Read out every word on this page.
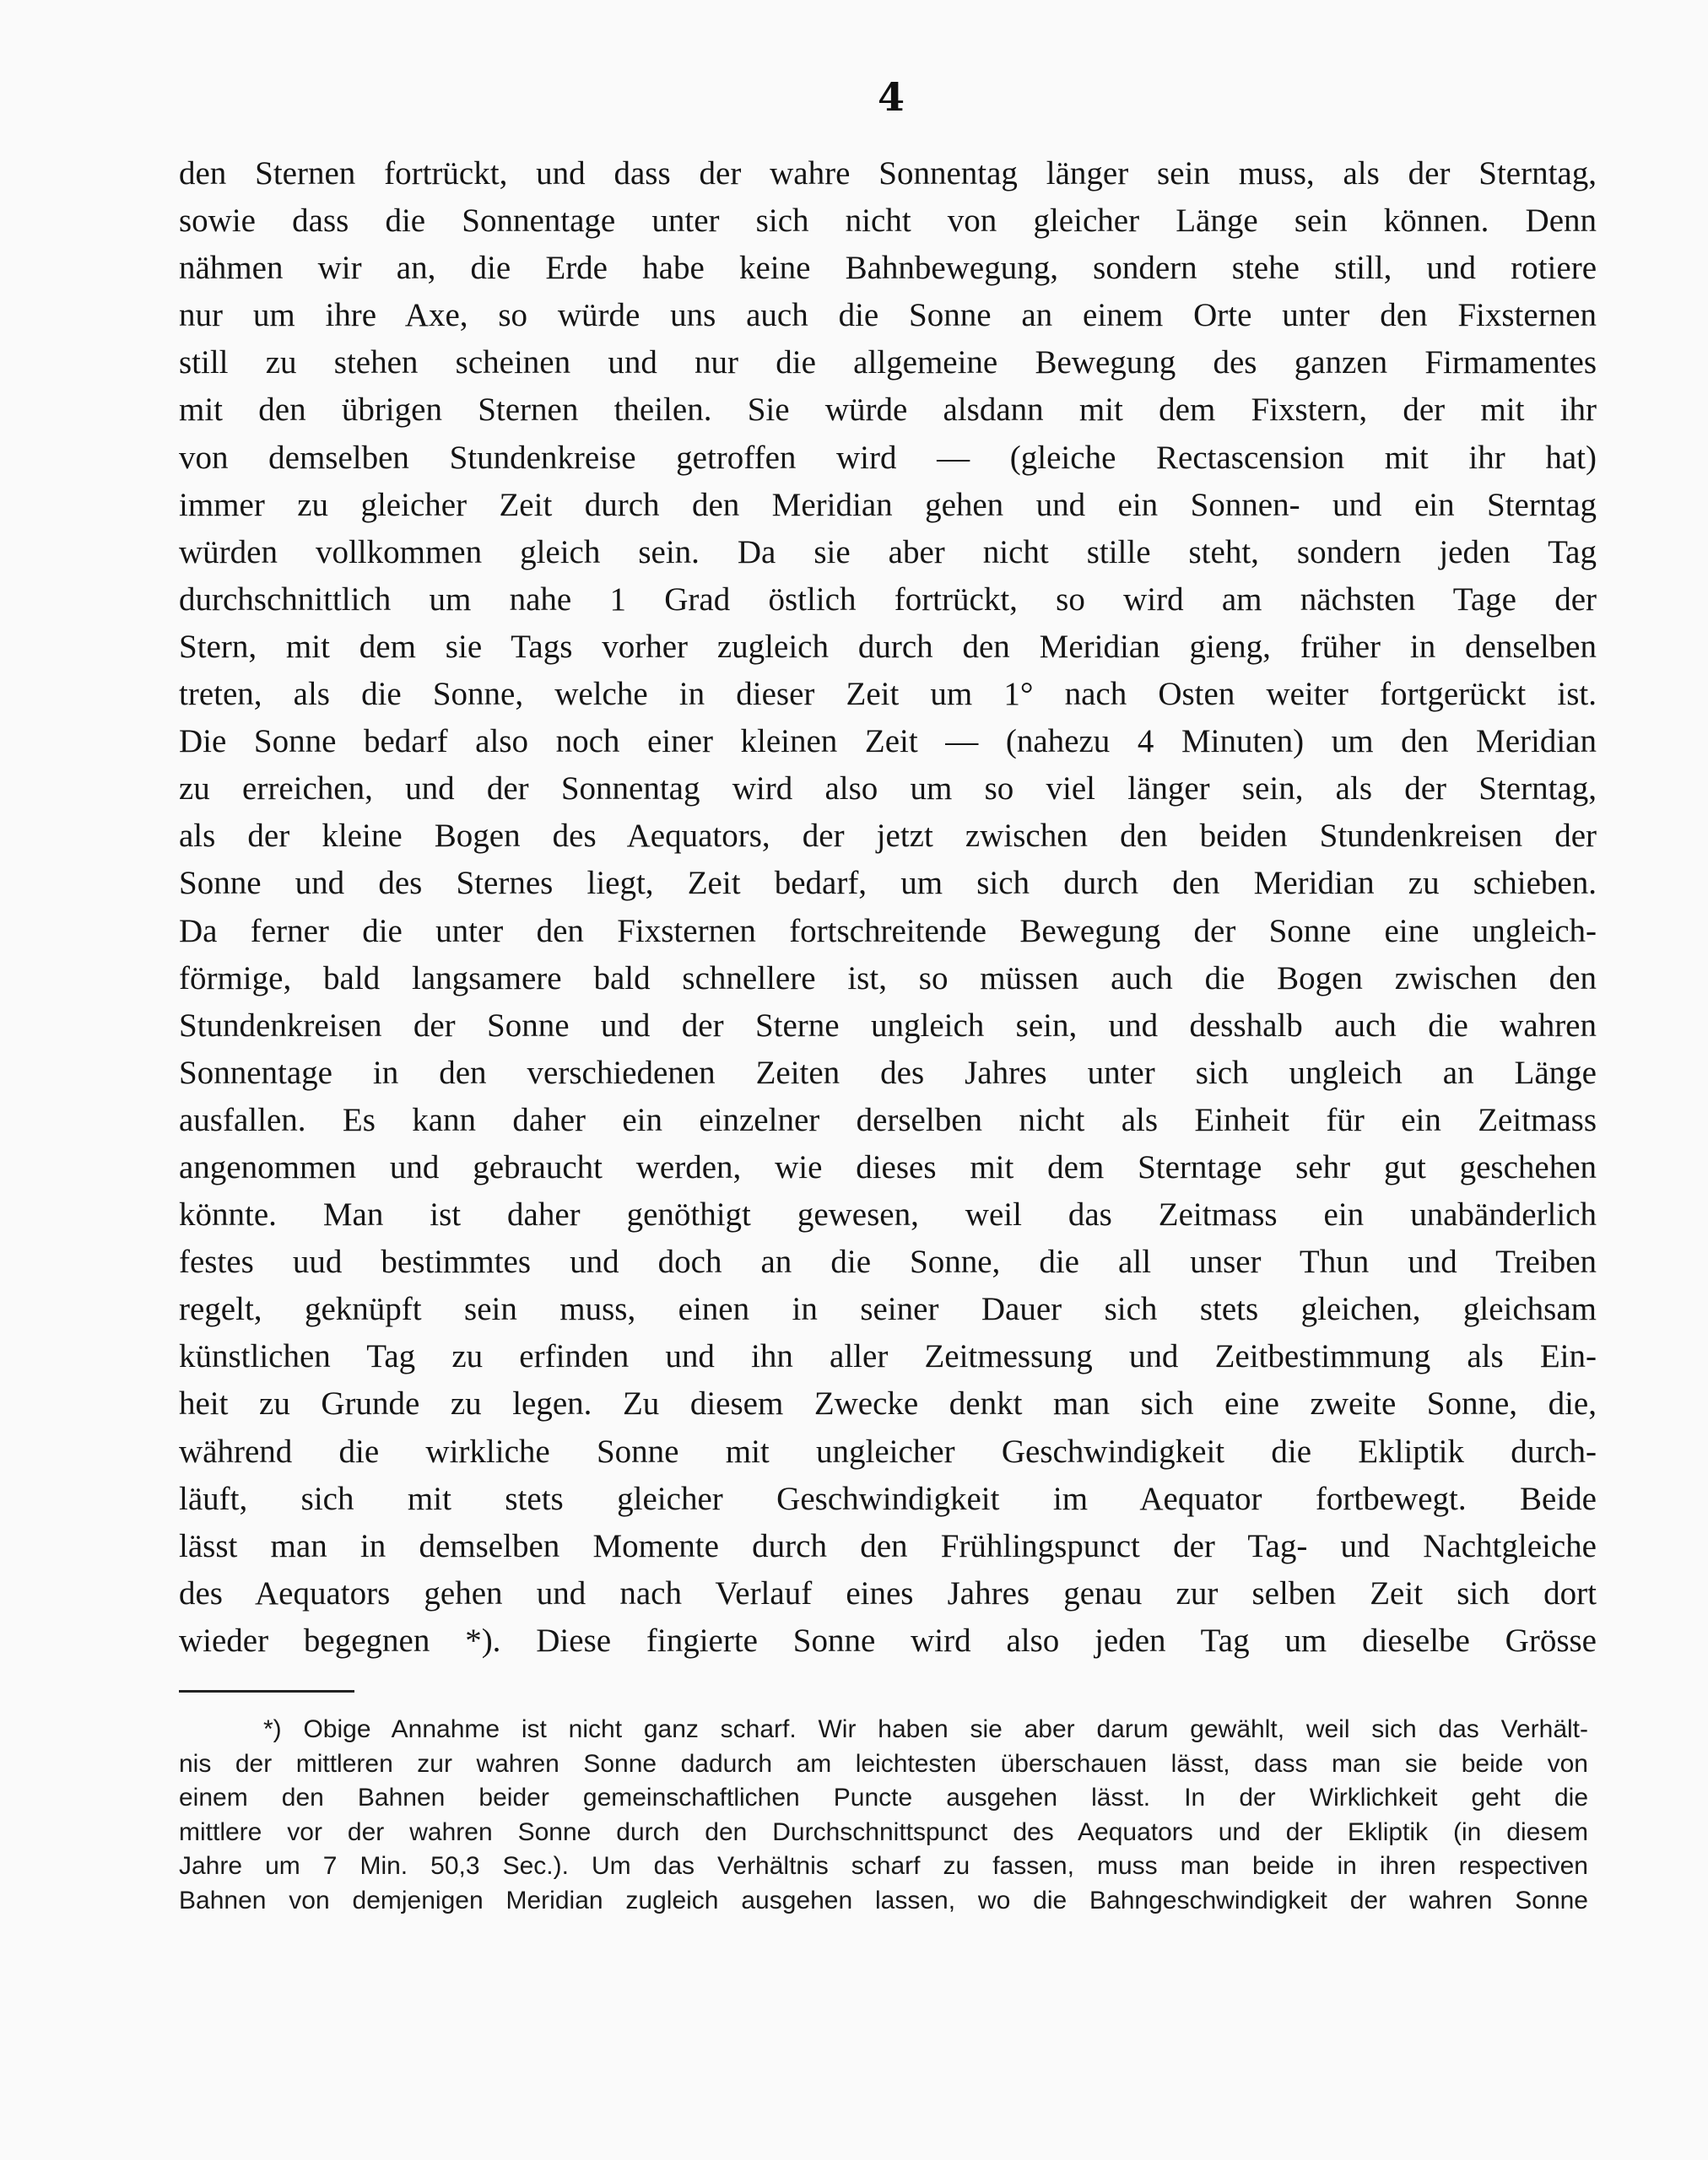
4
den Sternen fortrückt, und dass der wahre Sonnentag länger sein muss, als der Sterntag,
sowie dass die Sonnentage unter sich nicht von gleicher Länge sein können. Denn
nähmen wir an, die Erde habe keine Bahnbewegung, sondern stehe still, und rotiere
nur um ihre Axe, so würde uns auch die Sonne an einem Orte unter den Fixsternen
still zu stehen scheinen und nur die allgemeine Bewegung des ganzen Firmamentes
mit den übrigen Sternen theilen. Sie würde alsdann mit dem Fixstern, der mit ihr
von demselben Stundenkreise getroffen wird — (gleiche Rectascension mit ihr hat)
immer zu gleicher Zeit durch den Meridian gehen und ein Sonnen- und ein Sterntag
würden vollkommen gleich sein. Da sie aber nicht stille steht, sondern jeden Tag
durchschnittlich um nahe 1 Grad östlich fortrückt, so wird am nächsten Tage der
Stern, mit dem sie Tags vorher zugleich durch den Meridian gieng, früher in denselben
treten, als die Sonne, welche in dieser Zeit um 1° nach Osten weiter fortgerückt ist.
Die Sonne bedarf also noch einer kleinen Zeit — (nahezu 4 Minuten) um den Meridian
zu erreichen, und der Sonnentag wird also um so viel länger sein, als der Sterntag,
als der kleine Bogen des Aequators, der jetzt zwischen den beiden Stundenkreisen der
Sonne und des Sternes liegt, Zeit bedarf, um sich durch den Meridian zu schieben.
Da ferner die unter den Fixsternen fortschreitende Bewegung der Sonne eine ungleich-
förmige, bald langsamere bald schnellere ist, so müssen auch die Bogen zwischen den
Stundenkreisen der Sonne und der Sterne ungleich sein, und desshalb auch die wahren
Sonnentage in den verschiedenen Zeiten des Jahres unter sich ungleich an Länge
ausfallen. Es kann daher ein einzelner derselben nicht als Einheit für ein Zeitmass
angenommen und gebraucht werden, wie dieses mit dem Sterntage sehr gut geschehen
könnte. Man ist daher genöthigt gewesen, weil das Zeitmass ein unabänderlich
festes uud bestimmtes und doch an die Sonne, die all unser Thun und Treiben
regelt, geknüpft sein muss, einen in seiner Dauer sich stets gleichen, gleichsam
künstlichen Tag zu erfinden und ihn aller Zeitmessung und Zeitbestimmung als Ein-
heit zu Grunde zu legen. Zu diesem Zwecke denkt man sich eine zweite Sonne, die,
während die wirkliche Sonne mit ungleicher Geschwindigkeit die Ekliptik durch-
läuft, sich mit stets gleicher Geschwindigkeit im Aequator fortbewegt. Beide
lässt man in demselben Momente durch den Frühlingspunct der Tag- und Nachtgleiche
des Aequators gehen und nach Verlauf eines Jahres genau zur selben Zeit sich dort
wieder begegnen *). Diese fingierte Sonne wird also jeden Tag um dieselbe Grösse
*) Obige Annahme ist nicht ganz scharf. Wir haben sie aber darum gewählt, weil sich das Verhält-
nis der mittleren zur wahren Sonne dadurch am leichtesten überschauen lässt, dass man sie beide von
einem den Bahnen beider gemeinschaftlichen Puncte ausgehen lässt. In der Wirklichkeit geht die
mittlere vor der wahren Sonne durch den Durchschnittspunct des Aequators und der Ekliptik (in diesem
Jahre um 7 Min. 50,3 Sec.). Um das Verhältnis scharf zu fassen, muss man beide in ihren respectiven
Bahnen von demjenigen Meridian zugleich ausgehen lassen, wo die Bahngeschwindigkeit der wahren Sonne
